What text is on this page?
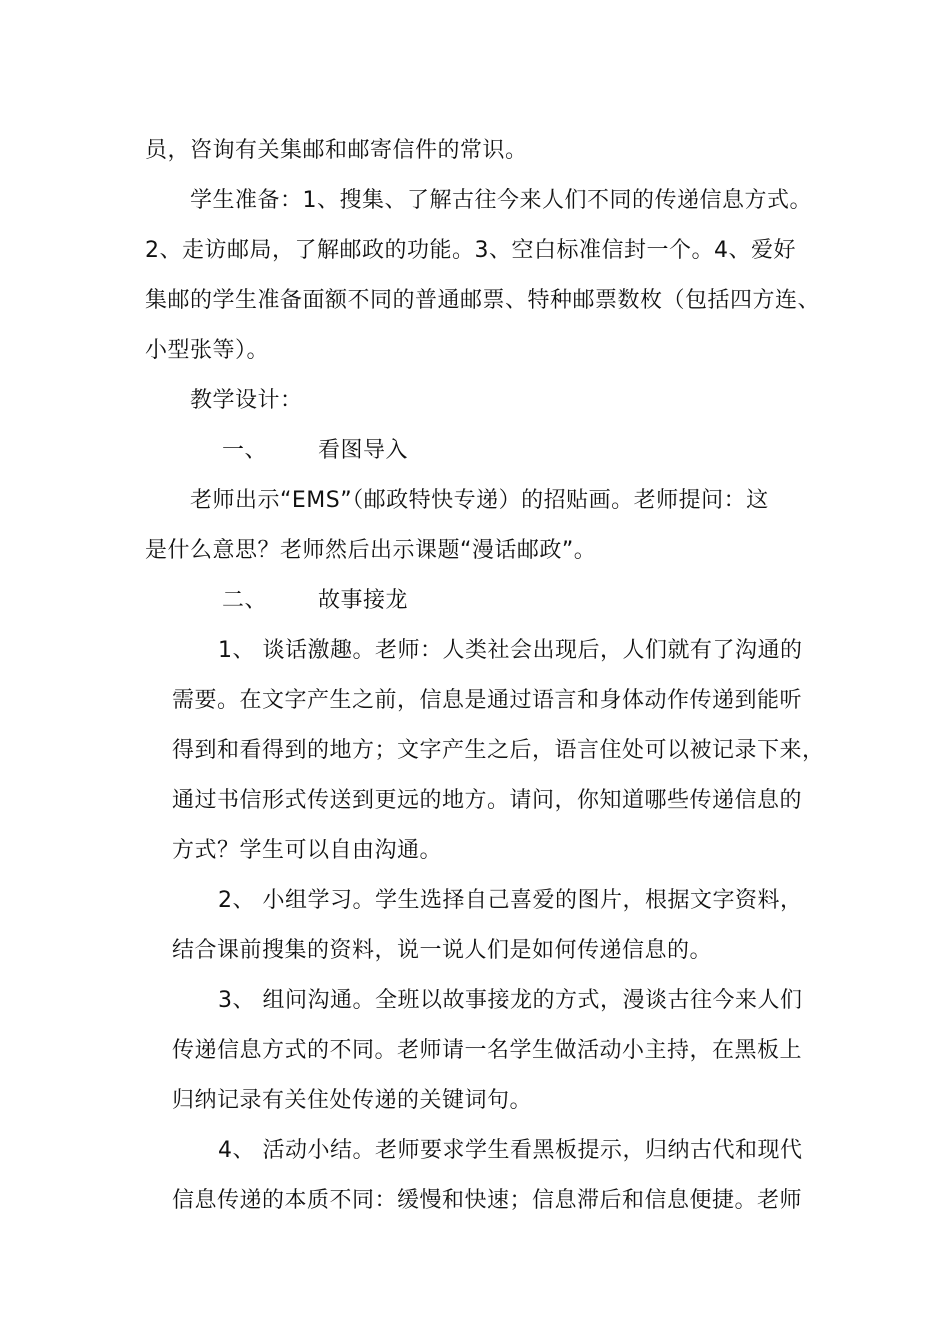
员，咨询有关集邮和邮寄信件的常识。
学生准备：1、搜集、了解古往今来人们不同的传递信息方式。
2、走访邮局，了解邮政的功能。3、空白标准信封一个。4、爱好
集邮的学生准备面额不同的普通邮票、特种邮票数枚（包括四方连、
小型张等）。
教学设计：
一、 看图导入
老师出示“EMS”（邮政特快专递）的招贴画。老师提问：这
是什么意思？老师然后出示课题“漫话邮政”。
二、 故事接龙
1、 谈话激趣。老师：人类社会出现后，人们就有了沟通的
需要。在文字产生之前，信息是通过语言和身体动作传递到能听
得到和看得到的地方；文字产生之后，语言住处可以被记录下来，
通过书信形式传送到更远的地方。请问，你知道哪些传递信息的
方式？学生可以自由沟通。
2、 小组学习。学生选择自己喜爱的图片，根据文字资料，
结合课前搜集的资料，说一说人们是如何传递信息的。
3、 组问沟通。全班以故事接龙的方式，漫谈古往今来人们
传递信息方式的不同。老师请一名学生做活动小主持，在黑板上
归纳记录有关住处传递的关键词句。
4、 活动小结。老师要求学生看黑板提示，归纳古代和现代
信息传递的本质不同：缓慢和快速；信息滞后和信息便捷。老师
